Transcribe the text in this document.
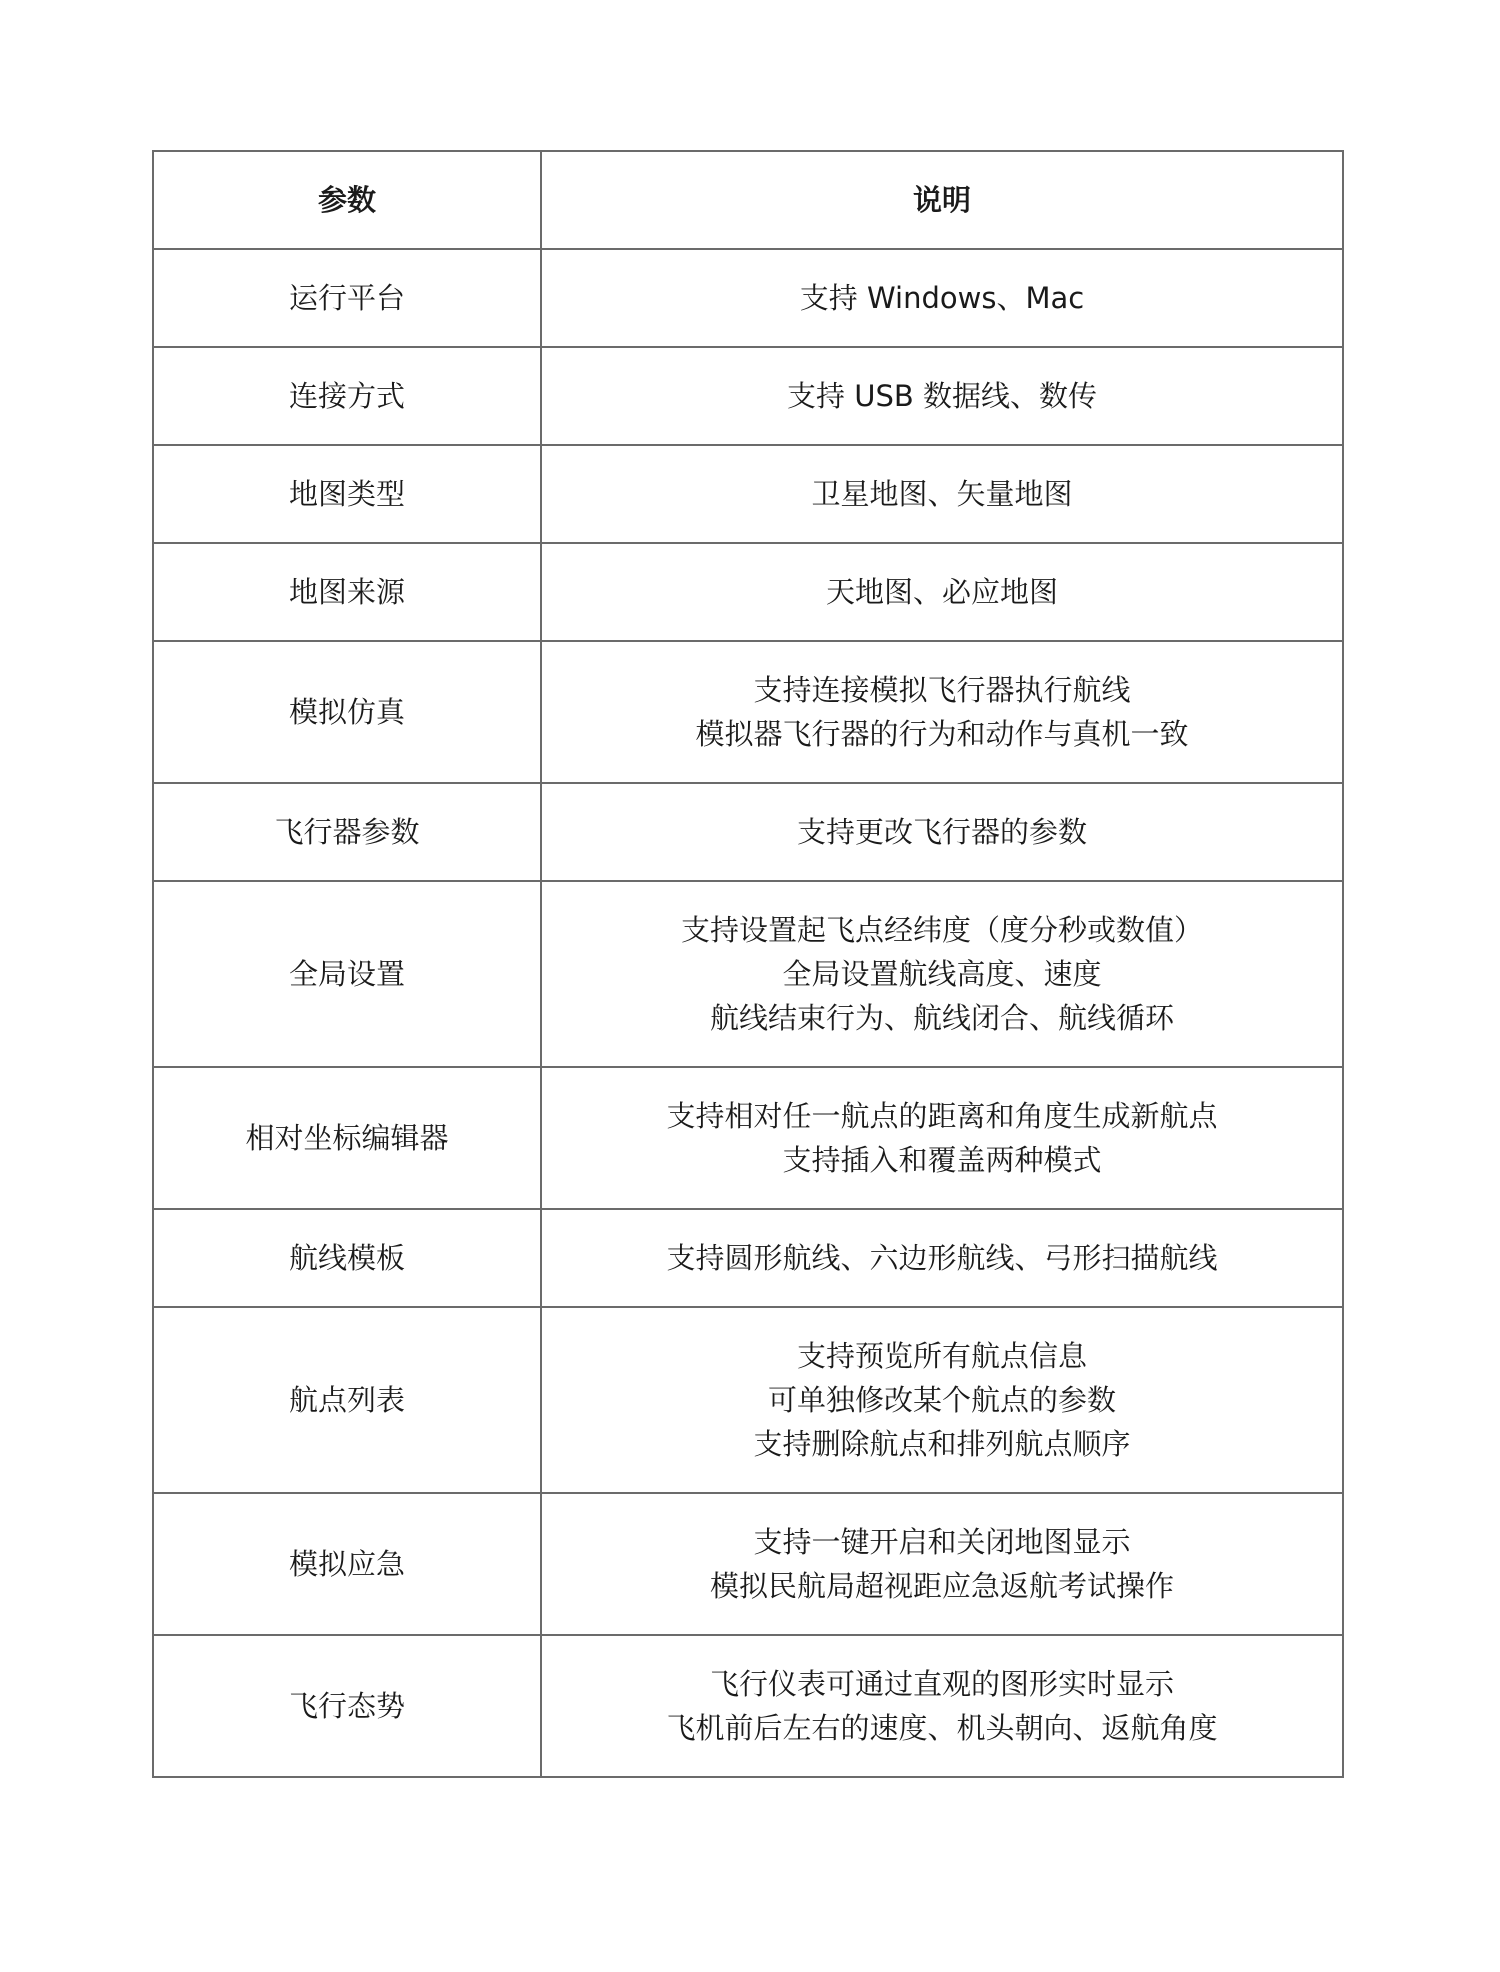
参数	说明
运行平台	支持 Windows、Mac

连接方式	支持 USB 数据线、数传

地图类型	卫星地图、矢量地图

地图来源	天地图、必应地图

模拟仿真	支持连接模拟飞行器执行航线
模拟器飞行器的行为和动作与真机一致

飞行器参数	支持更改飞行器的参数

全局设置	支持设置起飞点经纬度（度分秒或数值）
全局设置航线高度、速度
航线结束行为、航线闭合、航线循环

相对坐标编辑器	支持相对任一航点的距离和角度生成新航点
支持插入和覆盖两种模式

航线模板	支持圆形航线、六边形航线、弓形扫描航线

航点列表	支持预览所有航点信息
可单独修改某个航点的参数
支持删除航点和排列航点顺序

模拟应急	支持一键开启和关闭地图显示
模拟民航局超视距应急返航考试操作

飞行态势	飞行仪表可通过直观的图形实时显示
飞机前后左右的速度、机头朝向、返航角度
